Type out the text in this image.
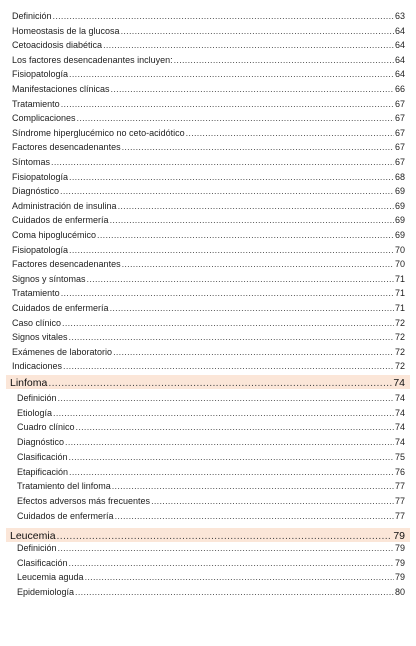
Definición .....	63
Homeostasis de la glucosa .....	64
Cetoacidosis diabética .....	64
Los factores desencadenantes incluyen: .....	64
Fisiopatología .....	64
Manifestaciones clínicas .....	66
Tratamiento .....	67
Complicaciones .....	67
Síndrome hiperglucémico no ceto-acidótico .....	67
Factores desencadenantes .....	67
Síntomas .....	67
Fisiopatología .....	68
Diagnóstico .....	69
Administración de insulina .....	69
Cuidados de enfermería .....	69
Coma hipoglucémico .....	69
Fisiopatología .....	70
Factores desencadenantes .....	70
Signos y síntomas .....	71
Tratamiento .....	71
Cuidados de enfermería .....	71
Caso clínico .....	72
Signos vitales .....	72
Exámenes de laboratorio .....	72
Indicaciones .....	72
Linfoma .....	74
Definición .....	74
Etiología .....	74
Cuadro clínico .....	74
Diagnóstico .....	74
Clasificación .....	75
Etapificación .....	76
Tratamiento del linfoma .....	77
Efectos adversos más frecuentes .....	77
Cuidados de enfermería .....	77
Leucemia .....	79
Definición .....	79
Clasificación .....	79
Leucemia aguda .....	79
Epidemiología .....	80
